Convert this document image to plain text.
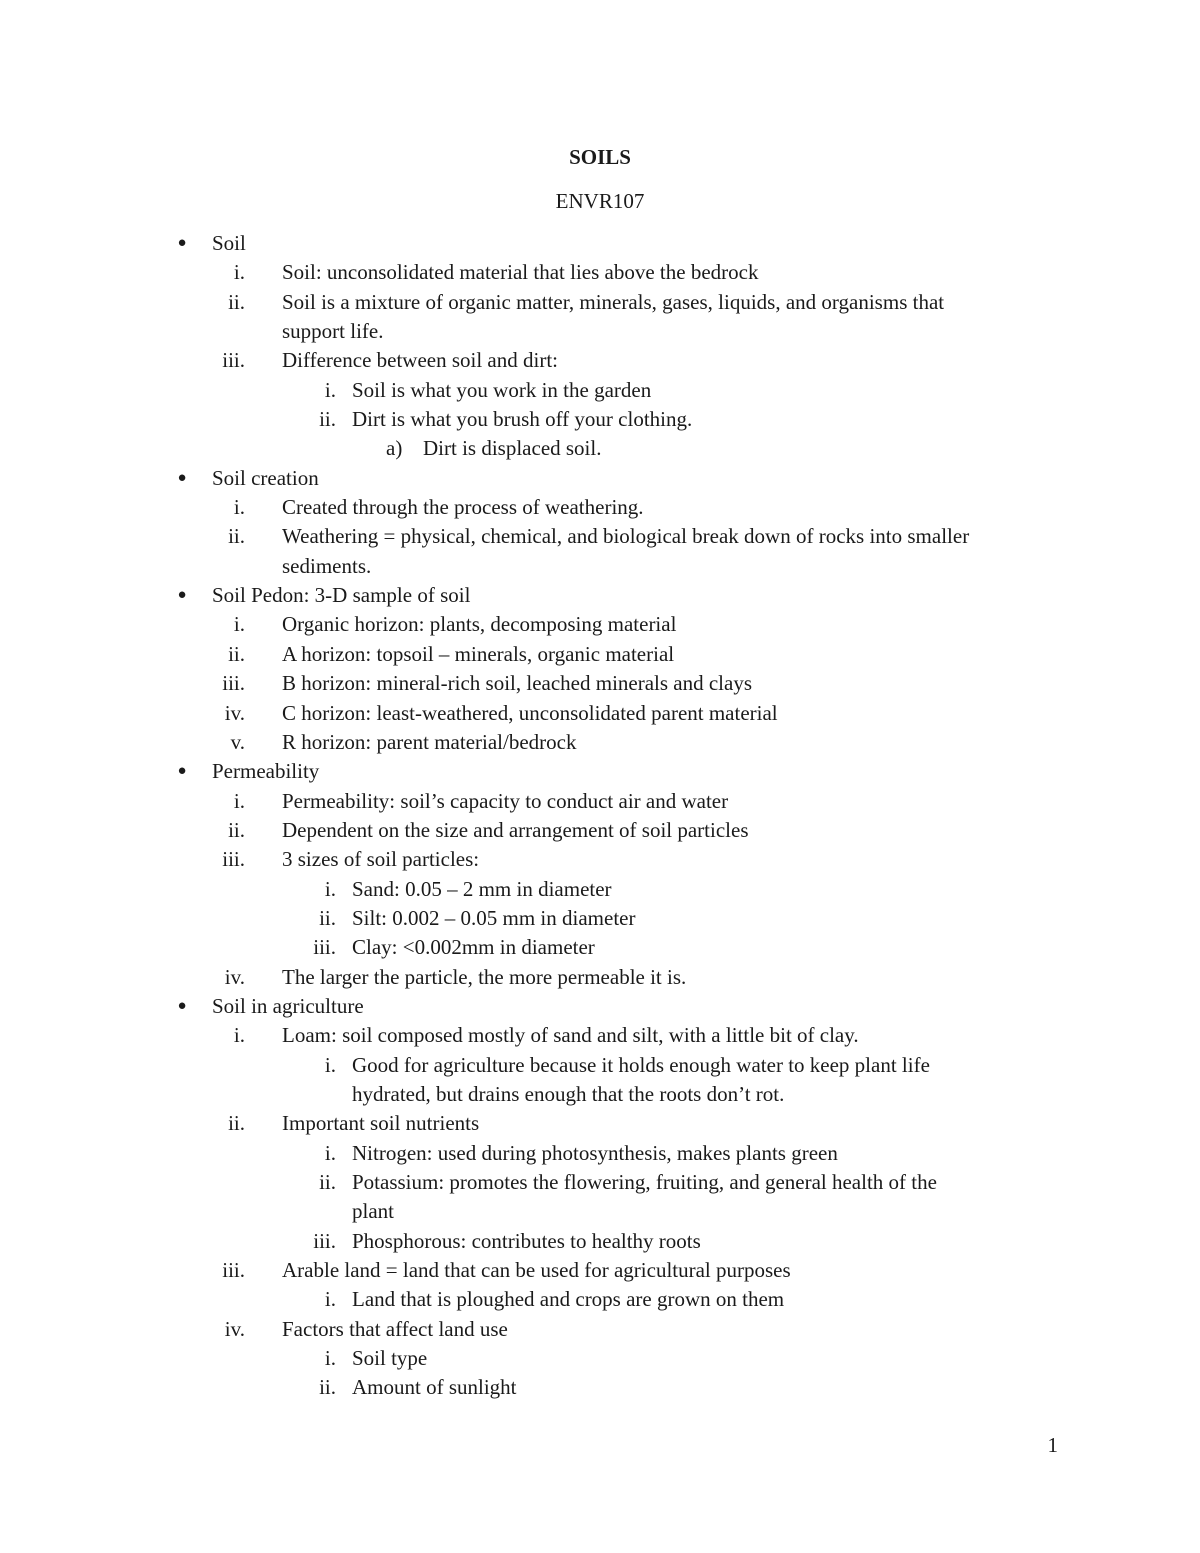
SOILS
ENVR107
●	Soil
i. Soil: unconsolidated material that lies above the bedrock
ii. Soil is a mixture of organic matter, minerals, gases, liquids, and organisms that
support life.
iii. Difference between soil and dirt:
i. Soil is what you work in the garden
ii. Dirt is what you brush off your clothing.
a) Dirt is displaced soil.
●	Soil creation
i. Created through the process of weathering.
ii. Weathering = physical, chemical, and biological break down of rocks into smaller
sediments.
●	Soil Pedon: 3-D sample of soil
i. Organic horizon: plants, decomposing material
ii. A horizon: topsoil – minerals, organic material
iii. B horizon: mineral-rich soil, leached minerals and clays
iv. C horizon: least-weathered, unconsolidated parent material
v. R horizon: parent material/bedrock
●	Permeability
i. Permeability: soil’s capacity to conduct air and water
ii. Dependent on the size and arrangement of soil particles
iii. 3 sizes of soil particles:
i. Sand: 0.05 – 2 mm in diameter
ii. Silt: 0.002 – 0.05 mm in diameter
iii. Clay: <0.002mm in diameter
iv. The larger the particle, the more permeable it is.
●	Soil in agriculture
i. Loam: soil composed mostly of sand and silt, with a little bit of clay.
i. Good for agriculture because it holds enough water to keep plant life
hydrated, but drains enough that the roots don’t rot.
ii. Important soil nutrients
i. Nitrogen: used during photosynthesis, makes plants green
ii. Potassium: promotes the flowering, fruiting, and general health of the
plant
iii. Phosphorous: contributes to healthy roots
iii. Arable land = land that can be used for agricultural purposes
i. Land that is ploughed and crops are grown on them
iv. Factors that affect land use
i. Soil type
ii. Amount of sunlight
1
